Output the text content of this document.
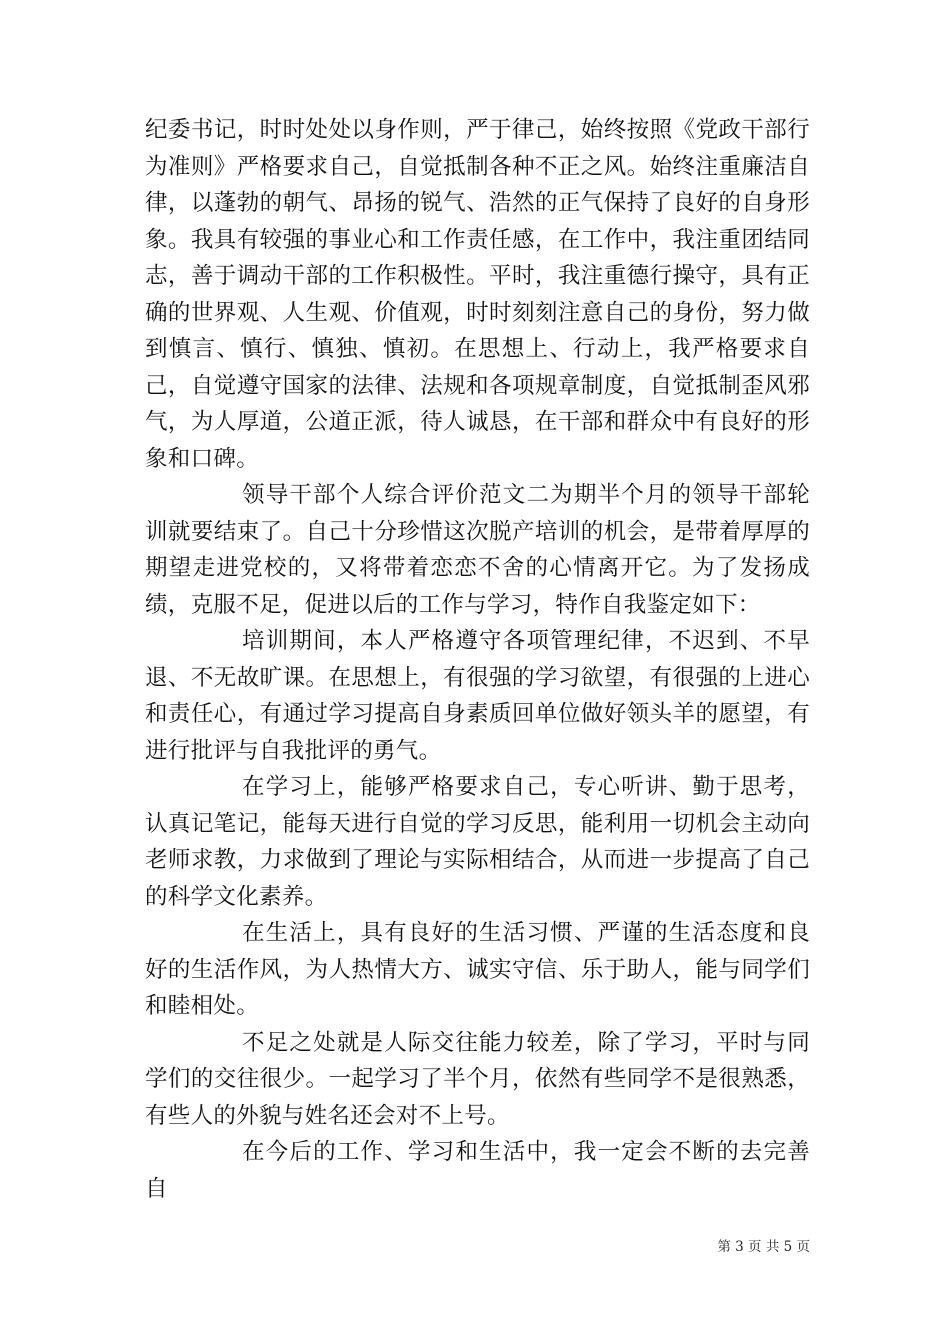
纪委书记，时时处处以身作则，严于律己，始终按照《党政干部行为准则》严格要求自己，自觉抵制各种不正之风。始终注重廉洁自律，以蓬勃的朝气、昂扬的锐气、浩然的正气保持了良好的自身形象。我具有较强的事业心和工作责任感，在工作中，我注重团结同志，善于调动干部的工作积极性。平时，我注重德行操守，具有正确的世界观、人生观、价值观，时时刻刻注意自己的身份，努力做到慎言、慎行、慎独、慎初。在思想上、行动上，我严格要求自己，自觉遵守国家的法律、法规和各项规章制度，自觉抵制歪风邪气，为人厚道，公道正派，待人诚恳，在干部和群众中有良好的形象和口碑。

领导干部个人综合评价范文二为期半个月的领导干部轮训就要结束了。自己十分珍惜这次脱产培训的机会，是带着厚厚的期望走进党校的，又将带着恋恋不舍的心情离开它。为了发扬成绩，克服不足，促进以后的工作与学习，特作自我鉴定如下：

培训期间，本人严格遵守各项管理纪律，不迟到、不早退、不无故旷课。在思想上，有很强的学习欲望，有很强的上进心和责任心，有通过学习提高自身素质回单位做好领头羊的愿望，有进行批评与自我批评的勇气。

在学习上，能够严格要求自己，专心听讲、勤于思考，认真记笔记，能每天进行自觉的学习反思，能利用一切机会主动向老师求教，力求做到了理论与实际相结合，从而进一步提高了自己的科学文化素养。

在生活上，具有良好的生活习惯、严谨的生活态度和良好的生活作风，为人热情大方、诚实守信、乐于助人，能与同学们和睦相处。

不足之处就是人际交往能力较差，除了学习，平时与同学们的交往很少。一起学习了半个月，依然有些同学不是很熟悉，有些人的外貌与姓名还会对不上号。

在今后的工作、学习和生活中，我一定会不断的去完善自

第 3 页 共 5 页
